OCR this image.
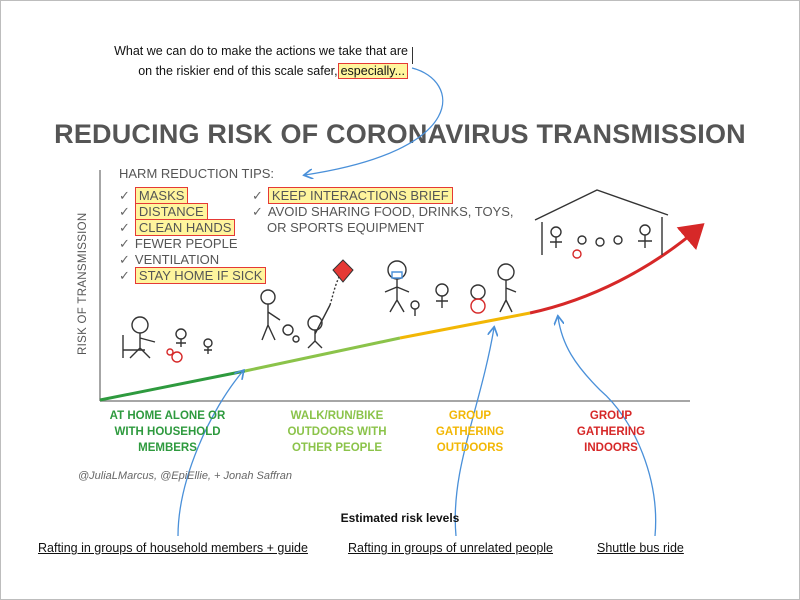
What we can do to make the actions we take that are
on the riskier end of this scale safer, especially...
REDUCING RISK OF CORONAVIRUS TRANSMISSION
HARM REDUCTION TIPS:
✓ MASKS
✓ DISTANCE
✓ CLEAN HANDS
✓ FEWER PEOPLE
✓ VENTILATION
✓ STAY HOME IF SICK
✓ KEEP INTERACTIONS BRIEF
✓ AVOID SHARING FOOD, DRINKS, TOYS,
OR SPORTS EQUIPMENT
RISK OF TRANSMISSION
AT HOME ALONE OR
WITH HOUSEHOLD
MEMBERS
WALK/RUN/BIKE
OUTDOORS WITH
OTHER PEOPLE
GROUP
GATHERING
OUTDOORS
GROUP
GATHERING
INDOORS
@JuliaLMarcus, @EpiEllie, + Jonah Saffran
Estimated risk levels
Rafting in groups of household members + guide	Rafting in groups of unrelated people	Shuttle bus ride
